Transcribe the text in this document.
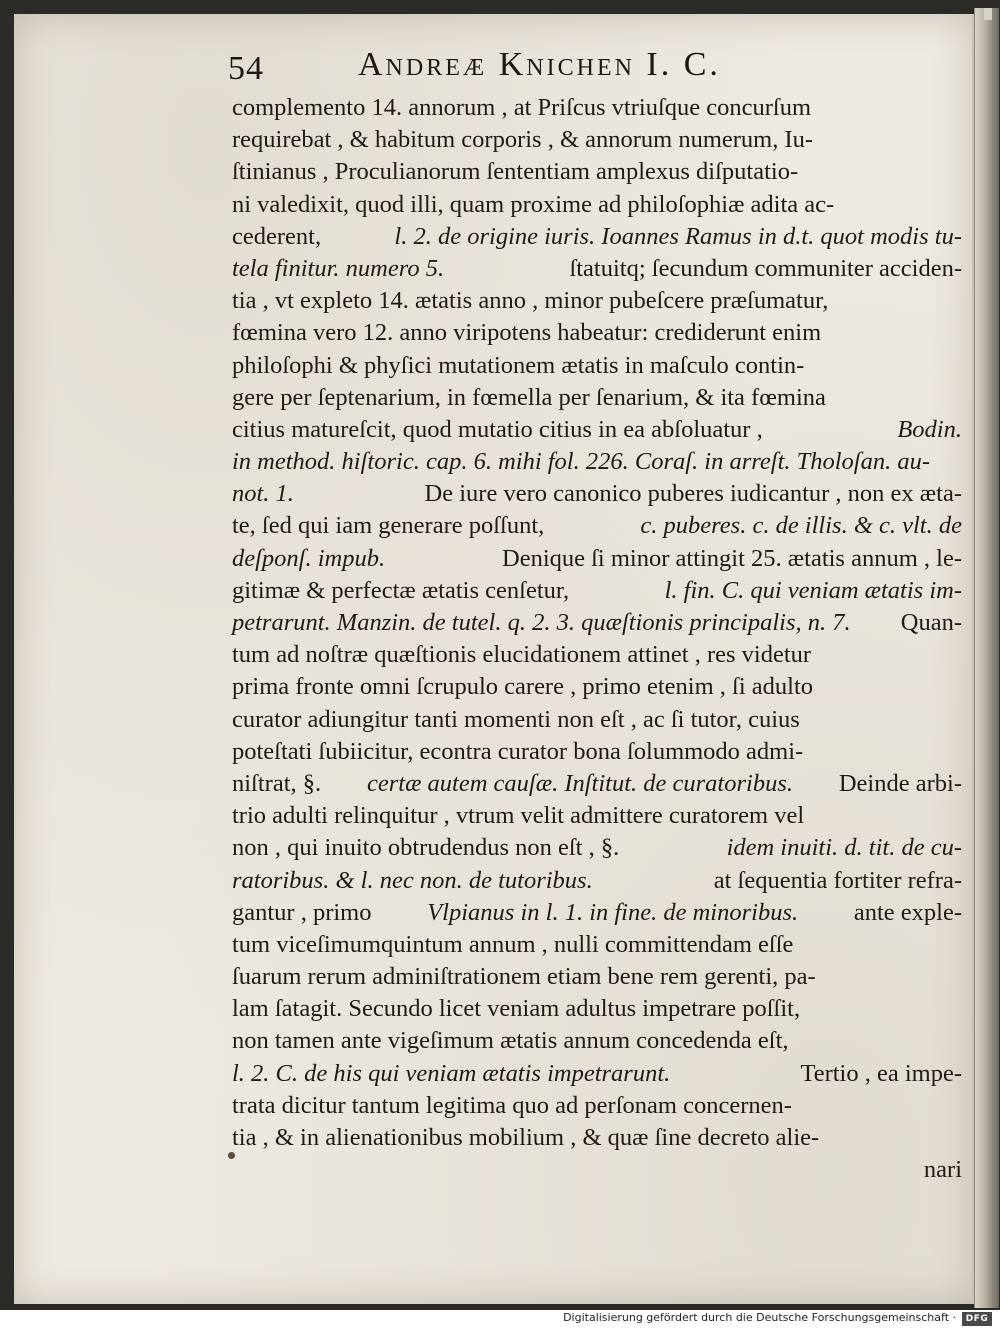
54	Andreæ Knichen I. C.
complemento 14. annorum , at Priſcus vtriuſque concurſum
requirebat , & habitum corporis , & annorum numerum, Iu-
ſtinianus , Proculianorum ſententiam amplexus diſputatio-
ni valedixit, quod illi, quam proxime ad philoſophiæ adita ac-
cederent,	l. 2. de origine iuris. Ioannes Ramus in d.t. quot modis tu-
tela finitur. numero 5.	ſtatuitq; ſecundum communiter acciden-
tia , vt expleto 14. ætatis anno , minor pubeſcere præſumatur,
fœmina vero 12. anno viripotens habeatur: crediderunt enim
philoſophi & phyſici mutationem ætatis in maſculo contin-
gere per ſeptenarium, in fœmella per ſenarium, & ita fœmina
citius matureſcit, quod mutatio citius in ea abſoluatur ,	Bodin.
in method. hiſtoric. cap. 6. mihi fol. 226. Coraſ. in arreſt. Tholoſan. au-
not. 1.	De iure vero canonico puberes iudicantur , non ex æta-
te, ſed qui iam generare poſſunt,	c. puberes. c. de illis. & c. vlt. de
deſponſ. impub.	Denique ſi minor attingit 25. ætatis annum , le-
gitimæ & perfectæ ætatis cenſetur,	l. fin. C. qui veniam ætatis im-
petrarunt. Manzin. de tutel. q. 2. 3. quæſtionis principalis, n. 7. Quan-
tum ad noſtræ quæſtionis elucidationem attinet , res videtur
prima fronte omni ſcrupulo carere , primo etenim , ſi adulto
curator adiungitur tanti momenti non eſt , ac ſi tutor, cuius
poteſtati ſubiicitur, econtra curator bona ſolummodo admi-
niſtrat, §. certæ autem cauſæ. Inſtitut. de curatoribus. Deinde arbi-
trio adulti relinquitur , vtrum velit admittere curatorem vel
non , qui inuito obtrudendus non eſt , §.	idem inuiti. d. tit. de cu-
ratoribus. & l. nec non. de tutoribus.	at ſequentia fortiter refra-
gantur , primo Vlpianus in l. 1. in fine. de minoribus. ante exple-
tum viceſimumquintum annum , nulli committendam eſſe
ſuarum rerum adminiſtrationem etiam bene rem gerenti, pa-
lam ſatagit. Secundo licet veniam adultus impetrare poſſit,
non tamen ante vigeſimum ætatis annum concedenda eſt,
l. 2. C. de his qui veniam ætatis impetrarunt.	Tertio , ea impe-
trata dicitur tantum legitima quo ad perſonam concernen-
tia , & in alienationibus mobilium , & quæ ſine decreto alie-
nari
Digitalisierung gefördert durch die Deutsche Forschungsgemeinschaft ·	DFG
